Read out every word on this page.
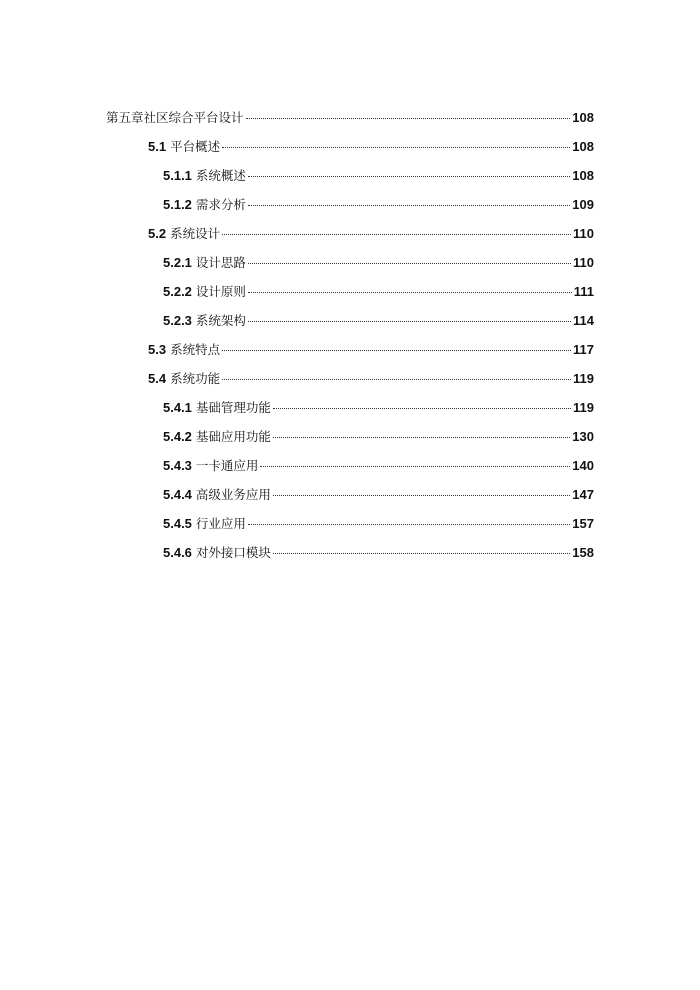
第五章社区综合平台设计	108
5.1 平台概述	108
5.1.1 系统概述	108
5.1.2 需求分析	109
5.2 系统设计	110
5.2.1 设计思路	110
5.2.2 设计原则	111
5.2.3 系统架构	114
5.3 系统特点	117
5.4 系统功能	119
5.4.1 基础管理功能	119
5.4.2 基础应用功能	130
5.4.3 一卡通应用	140
5.4.4 高级业务应用	147
5.4.5 行业应用	157
5.4.6 对外接口模块	158
